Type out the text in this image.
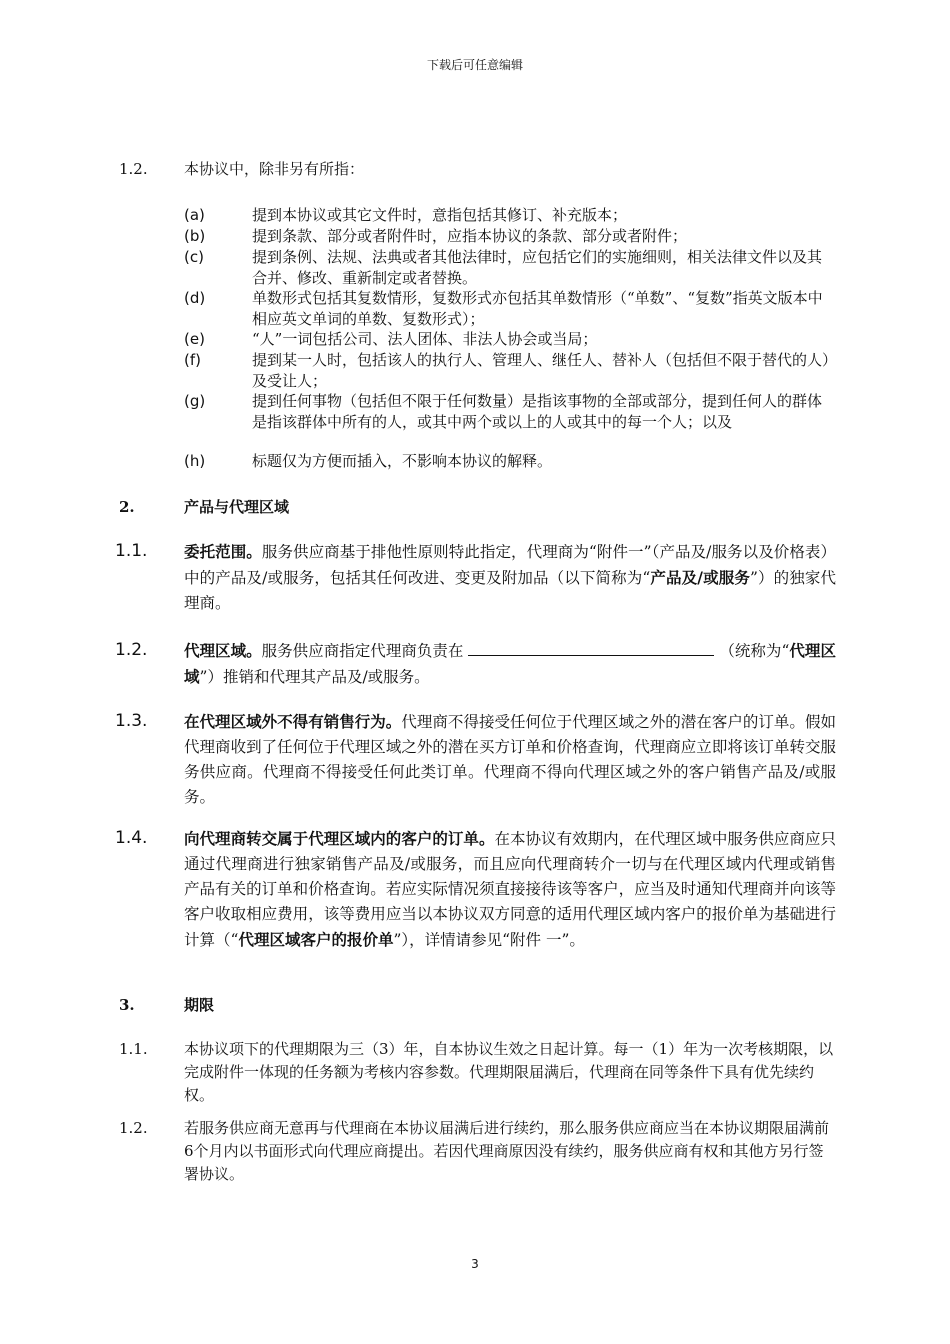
下载后可任意编辑
1.2. 本协议中，除非另有所指：
(a)	提到本协议或其它文件时，意指包括其修订、补充版本；
(b)	提到条款、部分或者附件时，应指本协议的条款、部分或者附件；
(c)	提到条例、法规、法典或者其他法律时，应包括它们的实施细则，相关法律文件以及其合并、修改、重新制定或者替换。
(d)	单数形式包括其复数情形，复数形式亦包括其单数情形（“单数”、“复数”指英文版本中相应英文单词的单数、复数形式）；
(e)	“人”一词包括公司、法人团体、非法人协会或当局；
(f)	提到某一人时，包括该人的执行人、管理人、继任人、替补人（包括但不限于替代的人）及受让人；
(g)	提到任何事物（包括但不限于任何数量）是指该事物的全部或部分，提到任何人的群体是指该群体中所有的人，或其中两个或以上的人或其中的每一个人；以及
(h)	标题仅为方便而插入，不影响本协议的解释。
2.	产品与代理区域
1.1. 委托范围。服务供应商基于排他性原则特此指定，代理商为“附件一”（产品及/服务以及价格表）中的产品及/或服务，包括其任何改进、变更及附加品（以下简称为“产品及/或服务”）的独家代理商。
1.2. 代理区域。服务供应商指定代理商负责在	（统称为“代理区域”）推销和代理其产品及/或服务。
1.3. 在代理区域外不得有销售行为。代理商不得接受任何位于代理区域之外的潜在客户的订单。假如代理商收到了任何位于代理区域之外的潜在买方订单和价格查询，代理商应立即将该订单转交服务供应商。代理商不得接受任何此类订单。代理商不得向代理区域之外的客户销售产品及/或服务。
1.4. 向代理商转交属于代理区域内的客户的订单。在本协议有效期内，在代理区域中服务供应商应只通过代理商进行独家销售产品及/或服务，而且应向代理商转介一切与在代理区域内代理或销售产品有关的订单和价格查询。若应实际情况须直接接待该等客户，应当及时通知代理商并向该等客户收取相应费用，该等费用应当以本协议双方同意的适用代理区域内客户的报价单为基础进行计算（“代理区域客户的报价单”），详情请参见“附件 一”。
3.	期限
1.1. 本协议项下的代理期限为三（3）年，自本协议生效之日起计算。每一（1）年为一次考核期限，以完成附件一体现的任务额为考核内容参数。代理期限届满后，代理商在同等条件下具有优先续约权。
1.2. 若服务供应商无意再与代理商在本协议届满后进行续约，那么服务供应商应当在本协议期限届满前6个月内以书面形式向代理应商提出。若因代理商原因没有续约，服务供应商有权和其他方另行签署协议。
3
